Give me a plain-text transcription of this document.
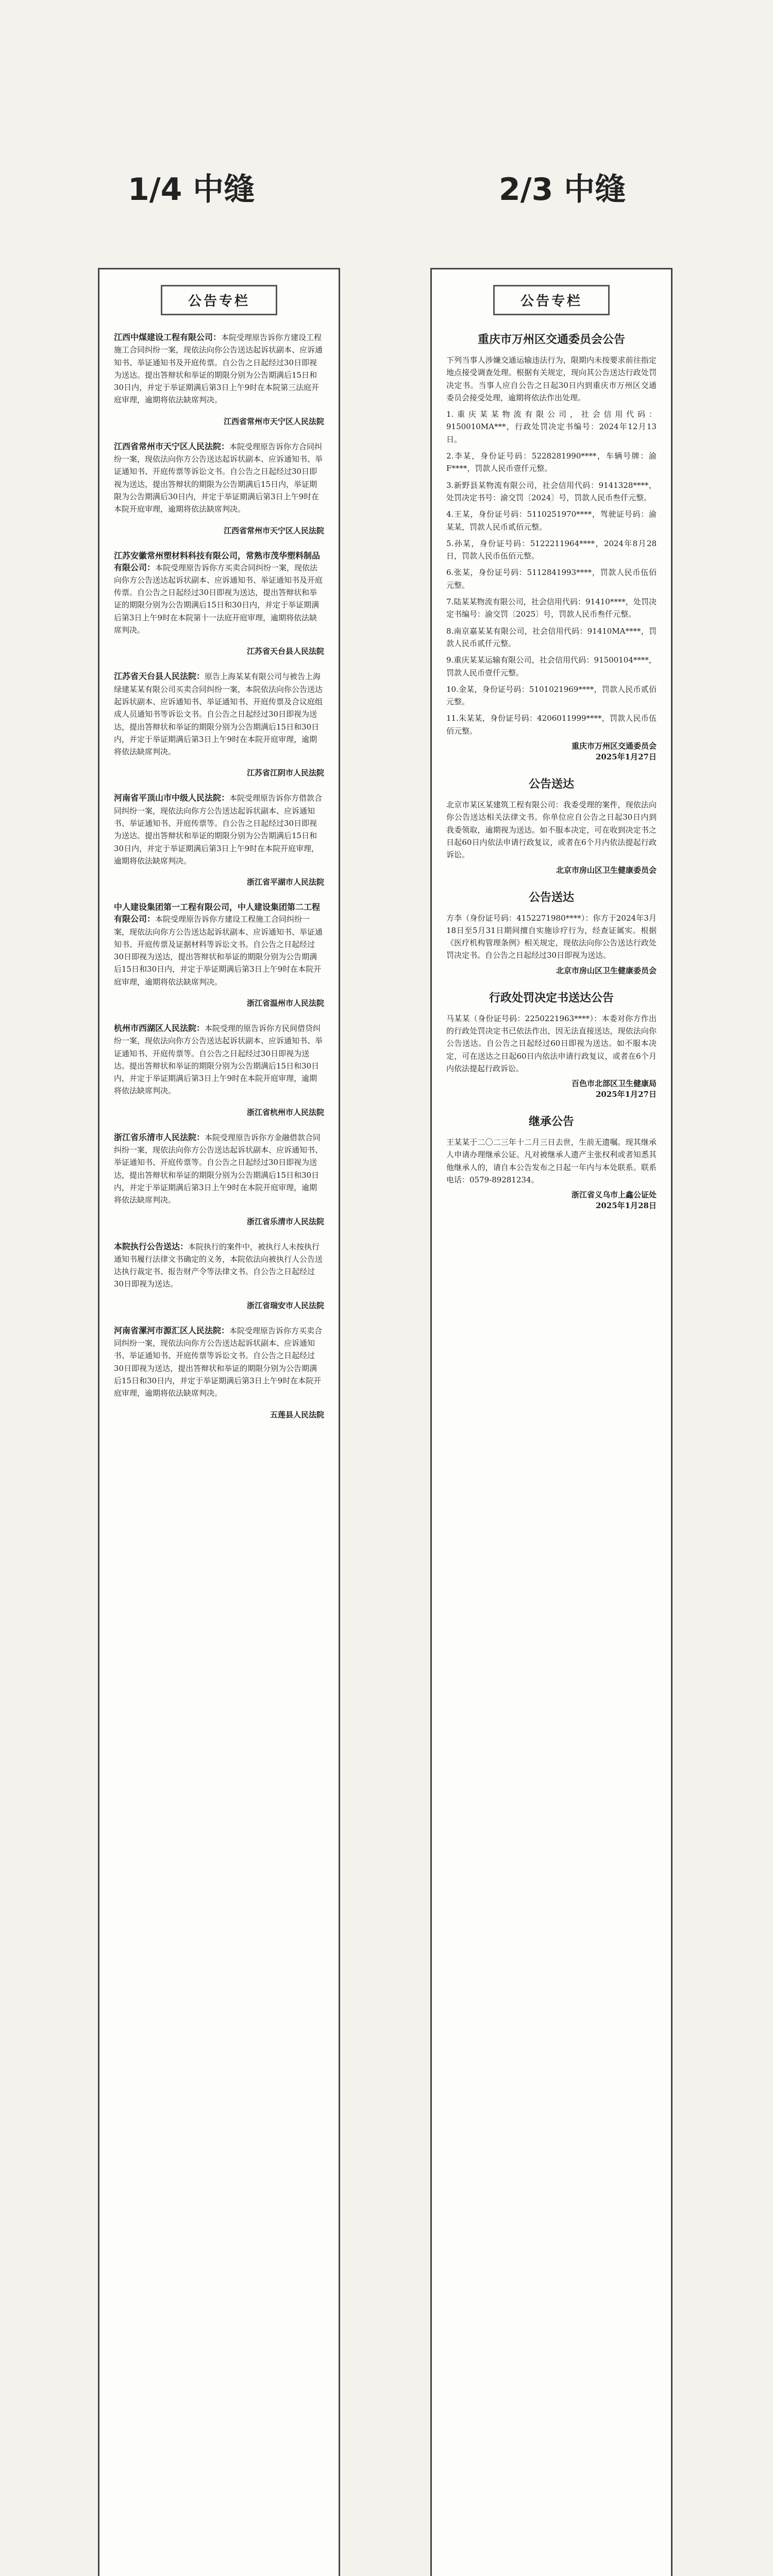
1/4 中缝	2/3 中缝
公告专栏
江西中煤建设工程有限公司：本院受理原告诉你方建设工程施工合同纠纷一案，现依法向你公告送达起诉状副本、应诉通知书、举证通知书及开庭传票。自公告之日起经过30日即视为送达。提出答辩状和举证的期限分别为公告期满后15日和30日内，并定于举证期满后第3日上午9时在本院第三法庭开庭审理，逾期将依法缺席判决。
江西省常州市天宁区人民法院
江西省常州市天宁区人民法院：本院受理原告诉你方合同纠纷一案，现依法向你方公告送达起诉状副本、应诉通知书、举证通知书、开庭传票等诉讼文书。自公告之日起经过30日即视为送达，提出答辩状的期限为公告期满后15日内，举证期限为公告期满后30日内，并定于举证期满后第3日上午9时在本院开庭审理，逾期将依法缺席判决。
江西省常州市天宁区人民法院
江苏安徽常州塑材料科技有限公司，常熟市茂华塑料制品有限公司：本院受理原告诉你方买卖合同纠纷一案，现依法向你方公告送达起诉状副本、应诉通知书、举证通知书及开庭传票。自公告之日起经过30日即视为送达，提出答辩状和举证的期限分别为公告期满后15日和30日内，并定于举证期满后第3日上午9时在本院第十一法庭开庭审理，逾期将依法缺席判决。
江苏省天台县人民法院
江苏省天台县人民法院：原告上海某某有限公司与被告上海绿建某某有限公司买卖合同纠纷一案，本院依法向你公告送达起诉状副本、应诉通知书、举证通知书、开庭传票及合议庭组成人员通知书等诉讼文书。自公告之日起经过30日即视为送达，提出答辩状和举证的期限分别为公告期满后15日和30日内，并定于举证期满后第3日上午9时在本院开庭审理，逾期将依法缺席判决。
江苏省江阴市人民法院
河南省平顶山市中级人民法院：本院受理原告诉你方借款合同纠纷一案，现依法向你方公告送达起诉状副本、应诉通知书、举证通知书、开庭传票等。自公告之日起经过30日即视为送达。提出答辩状和举证的期限分别为公告期满后15日和30日内，并定于举证期满后第3日上午9时在本院开庭审理，逾期将依法缺席判决。
浙江省平湖市人民法院
中人建设集团第一工程有限公司，中人建设集团第二工程有限公司：本院受理原告诉你方建设工程施工合同纠纷一案，现依法向你方公告送达起诉状副本、应诉通知书、举证通知书、开庭传票及证据材料等诉讼文书。自公告之日起经过30日即视为送达，提出答辩状和举证的期限分别为公告期满后15日和30日内，并定于举证期满后第3日上午9时在本院开庭审理，逾期将依法缺席判决。
浙江省温州市人民法院
杭州市西湖区人民法院：本院受理的原告诉你方民间借贷纠纷一案，现依法向你方公告送达起诉状副本、应诉通知书、举证通知书、开庭传票等。自公告之日起经过30日即视为送达。提出答辩状和举证的期限分别为公告期满后15日和30日内，并定于举证期满后第3日上午9时在本院开庭审理，逾期将依法缺席判决。
浙江省杭州市人民法院
浙江省乐清市人民法院：本院受理原告诉你方金融借款合同纠纷一案，现依法向你方公告送达起诉状副本、应诉通知书、举证通知书、开庭传票等。自公告之日起经过30日即视为送达，提出答辩状和举证的期限分别为公告期满后15日和30日内，并定于举证期满后第3日上午9时在本院开庭审理，逾期将依法缺席判决。
浙江省乐清市人民法院
本院执行公告送达：本院执行的案件中，被执行人未按执行通知书履行法律文书确定的义务，本院依法向被执行人公告送达执行裁定书、报告财产令等法律文书。自公告之日起经过30日即视为送达。
浙江省瑞安市人民法院
河南省漯河市源汇区人民法院：本院受理原告诉你方买卖合同纠纷一案，现依法向你方公告送达起诉状副本、应诉通知书、举证通知书、开庭传票等诉讼文书。自公告之日起经过30日即视为送达，提出答辩状和举证的期限分别为公告期满后15日和30日内，并定于举证期满后第3日上午9时在本院开庭审理，逾期将依法缺席判决。
五莲县人民法院
公告专栏
重庆市万州区交通委员会公告
下列当事人涉嫌交通运输违法行为，限期内未按要求前往指定地点接受调查处理。根据有关规定，现向其公告送达行政处罚决定书。当事人应自公告之日起30日内到重庆市万州区交通委员会接受处理，逾期将依法作出处理。
1.重庆某某物流有限公司，社会信用代码：9150010MA***，行政处罚决定书编号：2024年12月13日。
2.李某，身份证号码：5228281990****，车辆号牌：渝F****，罚款人民币壹仟元整。
3.新野县某物流有限公司，社会信用代码：9141328****，处罚决定书号：渝交罚〔2024〕号，罚款人民币叁仟元整。
4.王某，身份证号码：5110251970****，驾驶证号码：渝某某，罚款人民币贰佰元整。
5.孙某，身份证号码：5122211964****，2024年8月28日，罚款人民币伍佰元整。
6.张某，身份证号码：5112841993****，罚款人民币伍佰元整。
7.陆某某物流有限公司，社会信用代码：91410****，处罚决定书编号：渝交罚〔2025〕号，罚款人民币叁仟元整。
8.南京嘉某某有限公司，社会信用代码：91410MA****，罚款人民币贰仟元整。
9.重庆某某运输有限公司，社会信用代码：91500104****，罚款人民币壹仟元整。
10.金某，身份证号码：5101021969****，罚款人民币贰佰元整。
11.朱某某，身份证号码：4206011999****，罚款人民币伍佰元整。
重庆市万州区交通委员会
2025年1月27日
公告送达
北京市某区某建筑工程有限公司：我委受理的案件，现依法向你公告送达相关法律文书。你单位应自公告之日起30日内到我委领取，逾期视为送达。如不服本决定，可在收到决定书之日起60日内依法申请行政复议，或者在6个月内依法提起行政诉讼。
北京市房山区卫生健康委员会
公告送达
方李（身份证号码：4152271980****）：你方于2024年3月18日至5月31日期间擅自实施诊疗行为，经查证属实。根据《医疗机构管理条例》相关规定，现依法向你公告送达行政处罚决定书。自公告之日起经过30日即视为送达。
北京市房山区卫生健康委员会
行政处罚决定书送达公告
马某某（身份证号码：2250221963****）：本委对你方作出的行政处罚决定书已依法作出，因无法直接送达，现依法向你公告送达。自公告之日起经过60日即视为送达。如不服本决定，可在送达之日起60日内依法申请行政复议，或者在6个月内依法提起行政诉讼。
百色市北部区卫生健康局
2025年1月27日
继承公告
王某某于二〇二三年十二月三日去世，生前无遗嘱。现其继承人申请办理继承公证。凡对被继承人遗产主张权利或者知悉其他继承人的，请自本公告发布之日起一年内与本处联系。联系电话：0579-89281234。
浙江省义乌市上鑫公证处
2025年1月28日
